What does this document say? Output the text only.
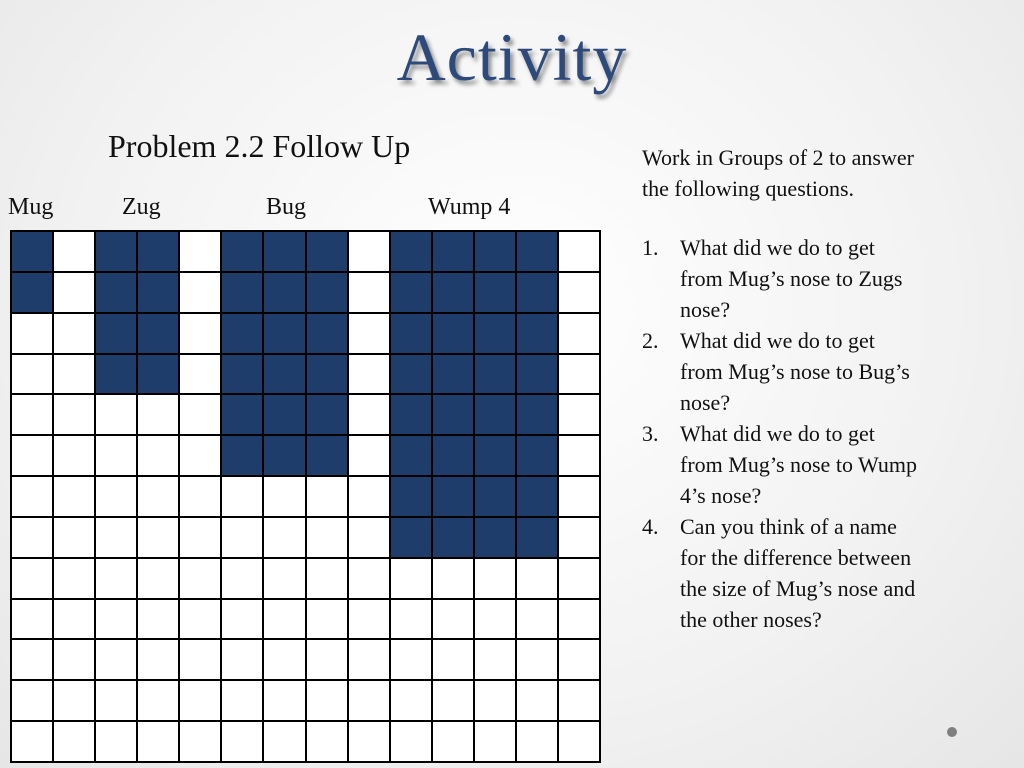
Activity
Problem 2.2 Follow Up
Mug	Zug	Bug	Wump 4
Work in Groups of 2 to answer the following questions.
1. What did we do to get from Mug’s nose to Zugs nose?
2. What did we do to get from Mug’s nose to Bug’s nose?
3. What did we do to get from Mug’s nose to Wump 4’s nose?
4. Can you think of a name for the difference between the size of Mug’s nose and the other noses?
